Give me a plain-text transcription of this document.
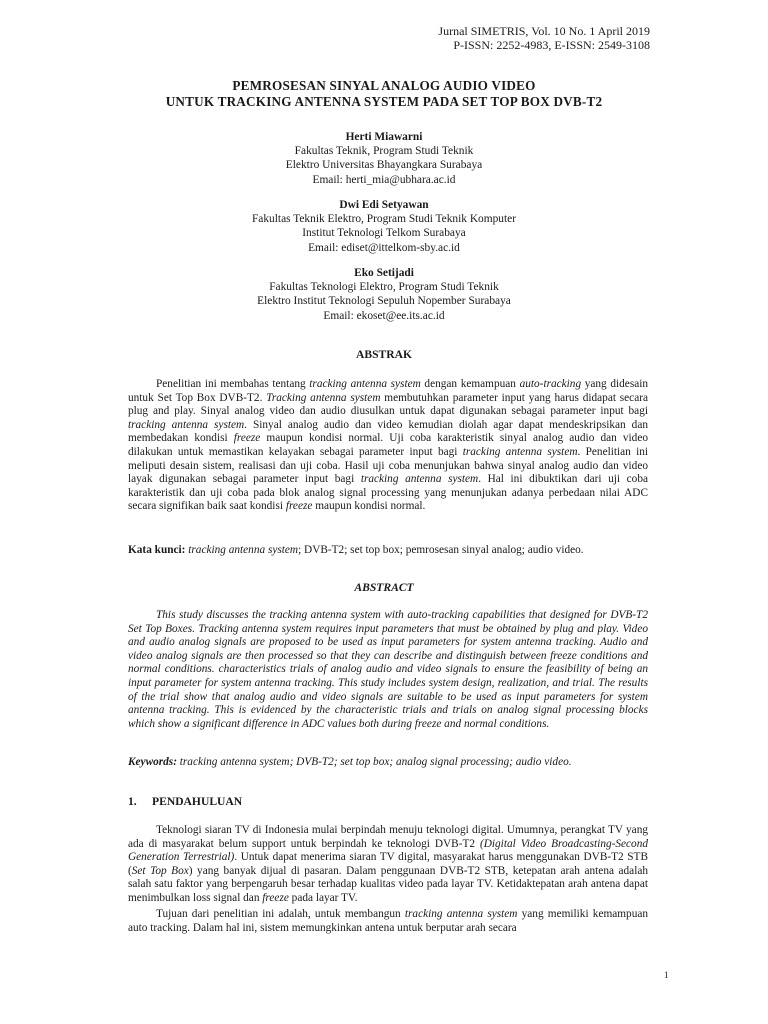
Jurnal SIMETRIS, Vol. 10 No. 1 April 2019
P-ISSN: 2252-4983, E-ISSN: 2549-3108
PEMROSESAN SINYAL ANALOG AUDIO VIDEO
UNTUK TRACKING ANTENNA SYSTEM PADA SET TOP BOX DVB-T2
Herti Miawarni
Fakultas Teknik, Program Studi Teknik
Elektro Universitas Bhayangkara Surabaya
Email: herti_mia@ubhara.ac.id
Dwi Edi Setyawan
Fakultas Teknik Elektro, Program Studi Teknik Komputer
Institut Teknologi Telkom Surabaya
Email: ediset@ittelkom-sby.ac.id
Eko Setijadi
Fakultas Teknologi Elektro, Program Studi Teknik
Elektro Institut Teknologi Sepuluh Nopember Surabaya
Email: ekoset@ee.its.ac.id
ABSTRAK
Penelitian ini membahas tentang tracking antenna system dengan kemampuan auto-tracking yang didesain untuk Set Top Box DVB-T2. Tracking antenna system membutuhkan parameter input yang harus didapat secara plug and play. Sinyal analog video dan audio diusulkan untuk dapat digunakan sebagai parameter input bagi tracking antenna system. Sinyal analog audio dan video kemudian diolah agar dapat mendeskripsikan dan membedakan kondisi freeze maupun kondisi normal. Uji coba karakteristik sinyal analog audio dan video dilakukan untuk memastikan kelayakan sebagai parameter input bagi tracking antenna system. Penelitian ini meliputi desain sistem, realisasi dan uji coba. Hasil uji coba menunjukan bahwa sinyal analog audio dan video layak digunakan sebagai parameter input bagi tracking antenna system. Hal ini dibuktikan dari uji coba karakteristik dan uji coba pada blok analog signal processing yang menunjukan adanya perbedaan nilai ADC secara signifikan baik saat kondisi freeze maupun kondisi normal.
Kata kunci: tracking antenna system; DVB-T2; set top box; pemrosesan sinyal analog; audio video.
ABSTRACT
This study discusses the tracking antenna system with auto-tracking capabilities that designed for DVB-T2 Set Top Boxes. Tracking antenna system requires input parameters that must be obtained by plug and play. Video and audio analog signals are proposed to be used as input parameters for system antenna tracking. Audio and video analog signals are then processed so that they can describe and distinguish between freeze conditions and normal conditions. characteristics trials of analog audio and video signals to ensure the feasibility of being an input parameter for system antenna tracking. This study includes system design, realization, and trial. The results of the trial show that analog audio and video signals are suitable to be used as input parameters for system antenna tracking. This is evidenced by the characteristic trials and trials on analog signal processing blocks which show a significant difference in ADC values both during freeze and normal conditions.
Keywords: tracking antenna system; DVB-T2; set top box; analog signal processing; audio video.
1. PENDAHULUAN
Teknologi siaran TV di Indonesia mulai berpindah menuju teknologi digital. Umumnya, perangkat TV yang ada di masyarakat belum support untuk berpindah ke teknologi DVB-T2 (Digital Video Broadcasting-Second Generation Terrestrial). Untuk dapat menerima siaran TV digital, masyarakat harus menggunakan DVB-T2 STB (Set Top Box) yang banyak dijual di pasaran. Dalam penggunaan DVB-T2 STB, ketepatan arah antena adalah salah satu faktor yang berpengaruh besar terhadap kualitas video pada layar TV. Ketidaktepatan arah antena dapat menimbulkan loss signal dan freeze pada layar TV.
Tujuan dari penelitian ini adalah, untuk membangun tracking antenna system yang memiliki kemampuan auto tracking. Dalam hal ini, sistem memungkinkan antena untuk berputar arah secara
1
